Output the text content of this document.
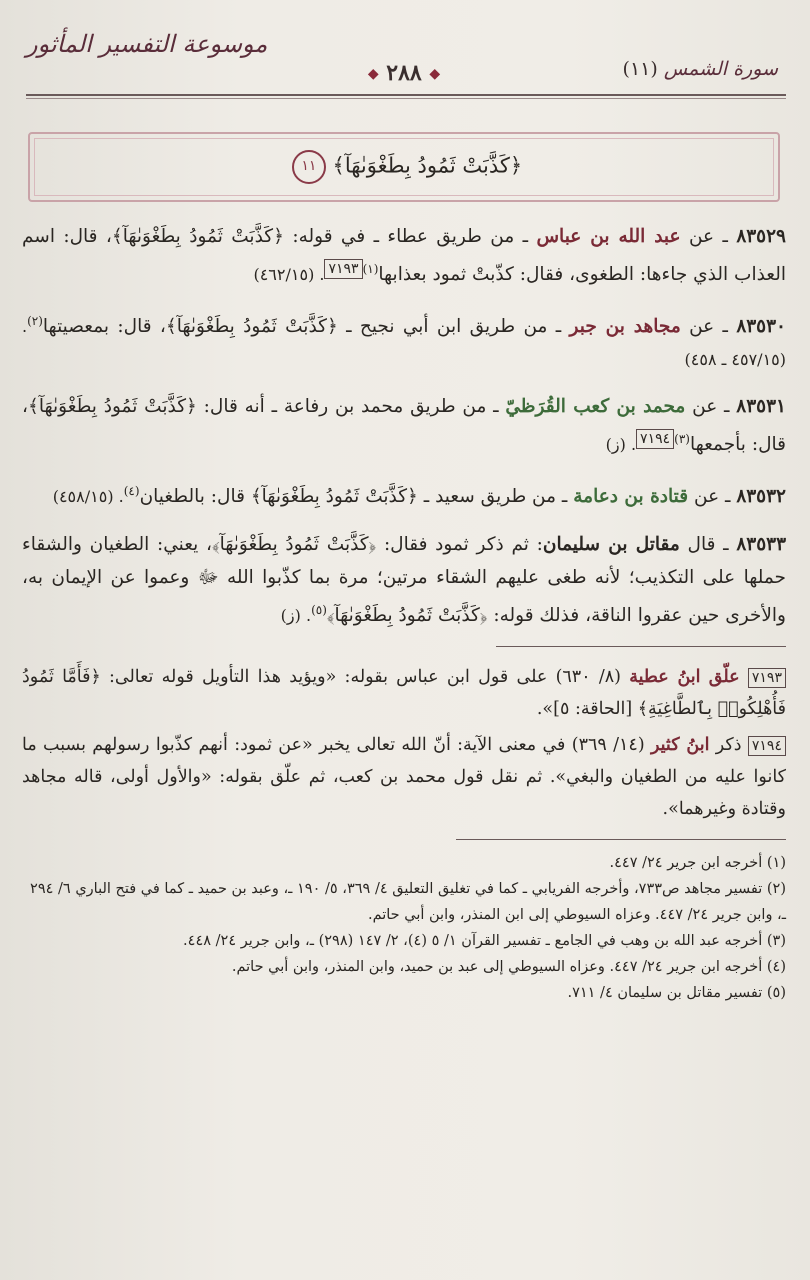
سورة الشمس (١١)
◆ ٢٨٨ ◆
موسوعة التفسير المأثور
﴿كَذَّبَتْ ثَمُودُ بِطَغْوَىٰهَآ﴾ ١١

٨٣٥٢٩ ـ عن عبد الله بن عباس ـ من طريق عطاء ـ في قوله: ﴿كَذَّبَتْ ثَمُودُ بِطَغْوَىٰهَآ﴾، قال: اسم العذاب الذي جاءها: الطغوى، فقال: كذّبتْ ثمود بعذابها$^{(١)}$٧١٩٣. (٤٦٢/١٥)

٨٣٥٣٠ ـ عن مجاهد بن جبر ـ من طريق ابن أبي نجيح ـ ﴿كَذَّبَتْ ثَمُودُ بِطَغْوَىٰهَآ﴾، قال: بمعصيتها$^{(٢)}$. (٤٥٧/١٥ ـ ٤٥٨)

٨٣٥٣١ ـ عن محمد بن كعب القُرَظيّ ـ من طريق محمد بن رفاعة ـ أنه قال: ﴿كَذَّبَتْ ثَمُودُ بِطَغْوَىٰهَآ﴾، قال: بأجمعها$^{(٣)}$٧١٩٤. (ز)

٨٣٥٣٢ ـ عن قتادة بن دعامة ـ من طريق سعيد ـ ﴿كَذَّبَتْ ثَمُودُ بِطَغْوَىٰهَآ﴾ قال: بالطغيان$^{(٤)}$. (٤٥٨/١٥)

٨٣٥٣٣ ـ قال مقاتل بن سليمان: ثم ذكر ثمود فقال: ﴿كَذَّبَتْ ثَمُودُ بِطَغْوَىٰهَآ﴾، يعني: الطغيان والشقاء حملها على التكذيب؛ لأنه طغى عليهم الشقاء مرتين؛ مرة بما كذّبوا الله ﷻ وعموا عن الإيمان به، والأخرى حين عقروا الناقة، فذلك قوله: ﴿كَذَّبَتْ ثَمُودُ بِطَغْوَىٰهَآ﴾$^{(٥)}$. (ز)

٧١٩٣ علّق ابنُ عطية (٨/ ٦٣٠) على قول ابن عباس بقوله: «ويؤيد هذا التأويل قوله تعالى: ﴿فَأَمَّا ثَمُودُ فَأُهْلِكُوا۟ بِٱلطَّاغِيَةِ﴾ [الحاقة: ٥]».

٧١٩٤ ذكر ابنُ كثير (١٤/ ٣٦٩) في معنى الآية: أنّ الله تعالى يخبر «عن ثمود: أنهم كذّبوا رسولهم بسبب ما كانوا عليه من الطغيان والبغي». ثم نقل قول محمد بن كعب، ثم علّق بقوله: «والأول أولى، قاله مجاهد وقتادة وغيرهما».

(١) أخرجه ابن جرير ٢٤/ ٤٤٧.

(٢) تفسير مجاهد ص٧٣٣، وأخرجه الفريابي ـ كما في تغليق التعليق ٤/ ٣٦٩، ٥/ ١٩٠ ـ، وعبد بن حميد ـ كما في فتح الباري ٦/ ٢٩٤ ـ، وابن جرير ٢٤/ ٤٤٧. وعزاه السيوطي إلى ابن المنذر، وابن أبي حاتم.

(٣) أخرجه عبد الله بن وهب في الجامع ـ تفسير القرآن ١/ ٥ (٤)، ٢/ ١٤٧ (٢٩٨) ـ، وابن جرير ٢٤/ ٤٤٨.

(٤) أخرجه ابن جرير ٢٤/ ٤٤٧. وعزاه السيوطي إلى عبد بن حميد، وابن المنذر، وابن أبي حاتم.

(٥) تفسير مقاتل بن سليمان ٤/ ٧١١.
